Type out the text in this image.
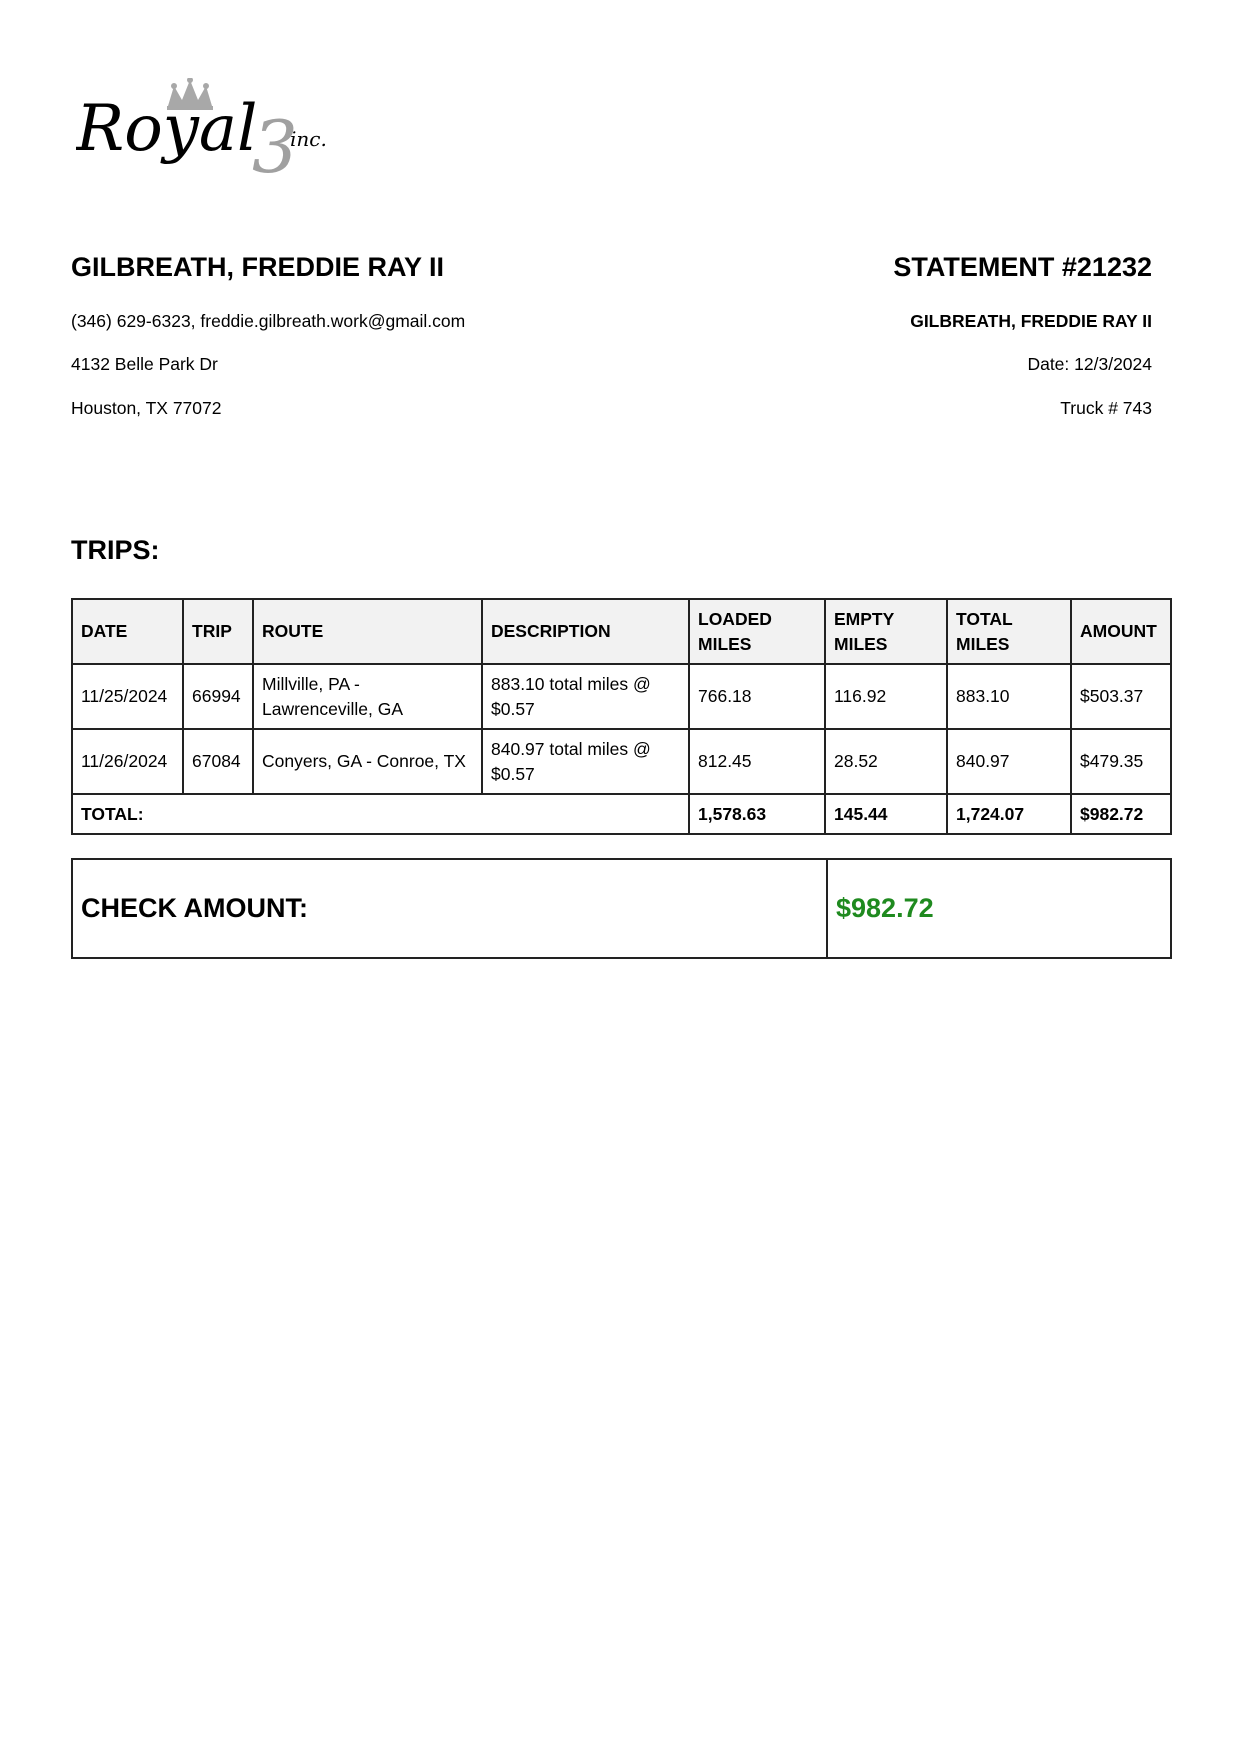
Royal
3
inc.
GILBREATH, FREDDIE RAY II	STATEMENT #21232
(346) 629-6323, freddie.gilbreath.work@gmail.com
4132 Belle Park Dr
Houston, TX 77072
GILBREATH, FREDDIE RAY II
Date: 12/3/2024
Truck # 743
TRIPS:
DATE	TRIP	ROUTE	DESCRIPTION	LOADED MILES	EMPTY MILES	TOTAL MILES	AMOUNT
11/25/2024	66994	Millville, PA - Lawrenceville, GA	883.10 total miles @ $0.57	766.18	116.92	883.10	$503.37
11/26/2024	67084	Conyers, GA - Conroe, TX	840.97 total miles @ $0.57	812.45	28.52	840.97	$479.35
TOTAL:				1,578.63	145.44	1,724.07	$982.72
CHECK AMOUNT:	$982.72
